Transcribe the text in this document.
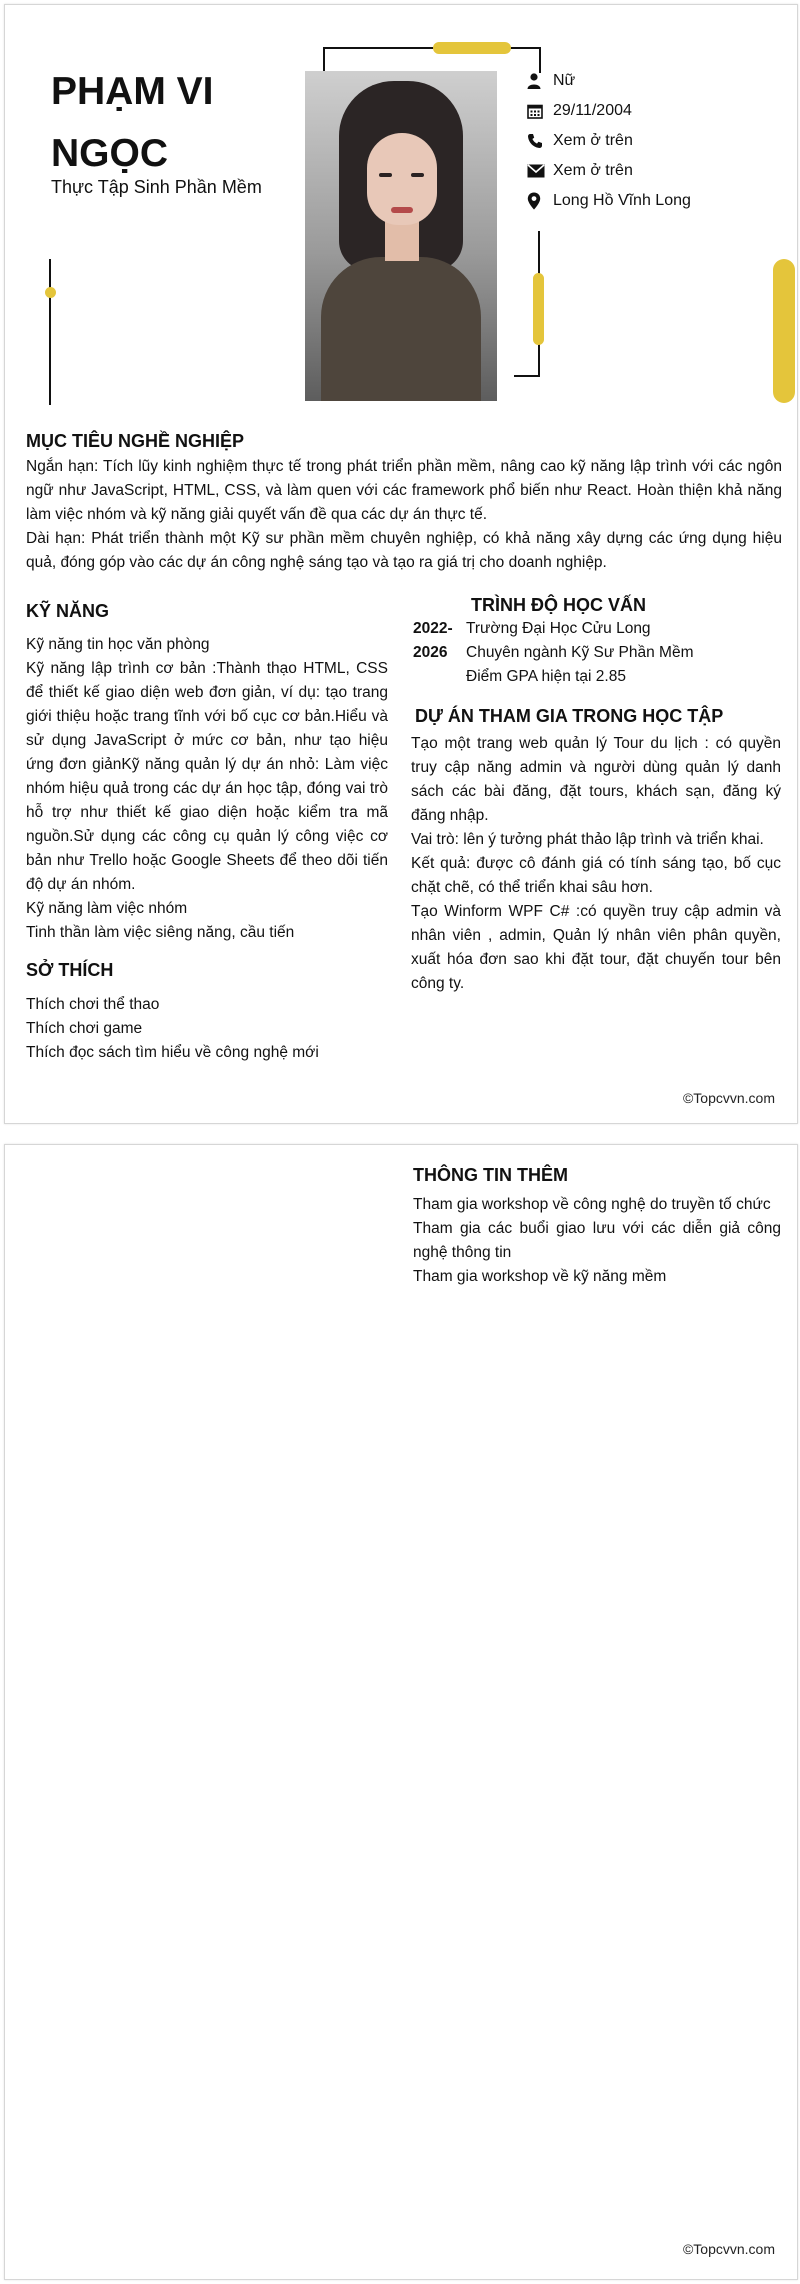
PHẠM VI NGỌC
Thực Tập Sinh Phần Mềm
Nữ
29/11/2004
Xem ở trên
Xem ở trên
Long Hồ Vĩnh Long
MỤC TIÊU NGHỀ NGHIỆP

Ngắn hạn: Tích lũy kinh nghiệm thực tế trong phát triển phần mềm, nâng cao kỹ năng lập trình với các ngôn ngữ như JavaScript, HTML, CSS, và làm quen với các framework phổ biến như React. Hoàn thiện khả năng làm việc nhóm và kỹ năng giải quyết vấn đề qua các dự án thực tế.

Dài hạn: Phát triển thành một Kỹ sư phần mềm chuyên nghiệp, có khả năng xây dựng các ứng dụng hiệu quả, đóng góp vào các dự án công nghệ sáng tạo và tạo ra giá trị cho doanh nghiệp.

KỸ NĂNG
Kỹ năng tin học văn phòng
Kỹ năng lập trình cơ bản :Thành thạo HTML, CSS để thiết kế giao diện web đơn giản, ví dụ: tạo trang giới thiệu hoặc trang tĩnh với bố cục cơ bản.Hiểu và sử dụng JavaScript ở mức cơ bản, như tạo hiệu ứng đơn giảnKỹ năng quản lý dự án nhỏ: Làm việc nhóm hiệu quả trong các dự án học tập, đóng vai trò hỗ trợ như thiết kế giao diện hoặc kiểm tra mã nguồn.Sử dụng các công cụ quản lý công việc cơ bản như Trello hoặc Google Sheets để theo dõi tiến độ dự án nhóm.
Kỹ năng làm việc nhóm
Tinh thần làm việc siêng năng, cầu tiến
SỞ THÍCH
Thích chơi thể thao
Thích chơi game
Thích đọc sách tìm hiểu về công nghệ mới
TRÌNH ĐỘ HỌC VẤN
2022- Trường Đại Học Cửu Long
2026	Chuyên ngành Kỹ Sư Phần Mềm
Điểm GPA hiện tại 2.85
DỰ ÁN THAM GIA TRONG HỌC TẬP
Tạo một trang web quản lý Tour du lịch : có quyền truy cập năng admin và người dùng quản lý danh sách các bài đăng, đặt tours, khách sạn, đăng ký đăng nhập.
Vai trò: lên ý tưởng phát thảo lập trình và triển khai.
Kết quả: được cô đánh giá có tính sáng tạo, bố cục chặt chẽ, có thể triển khai sâu hơn.
Tạo Winform WPF C# :có quyền truy cập admin và nhân viên , admin, Quản lý nhân viên phân quyền, xuất hóa đơn sao khi đặt tour, đặt chuyến tour bên công ty.
©Topcvvn.com
THÔNG TIN THÊM
Tham gia workshop về công nghệ do truyền tố chức
Tham gia các buổi giao lưu với các diễn giả công nghệ thông tin
Tham gia workshop về kỹ năng mềm
©Topcvvn.com
